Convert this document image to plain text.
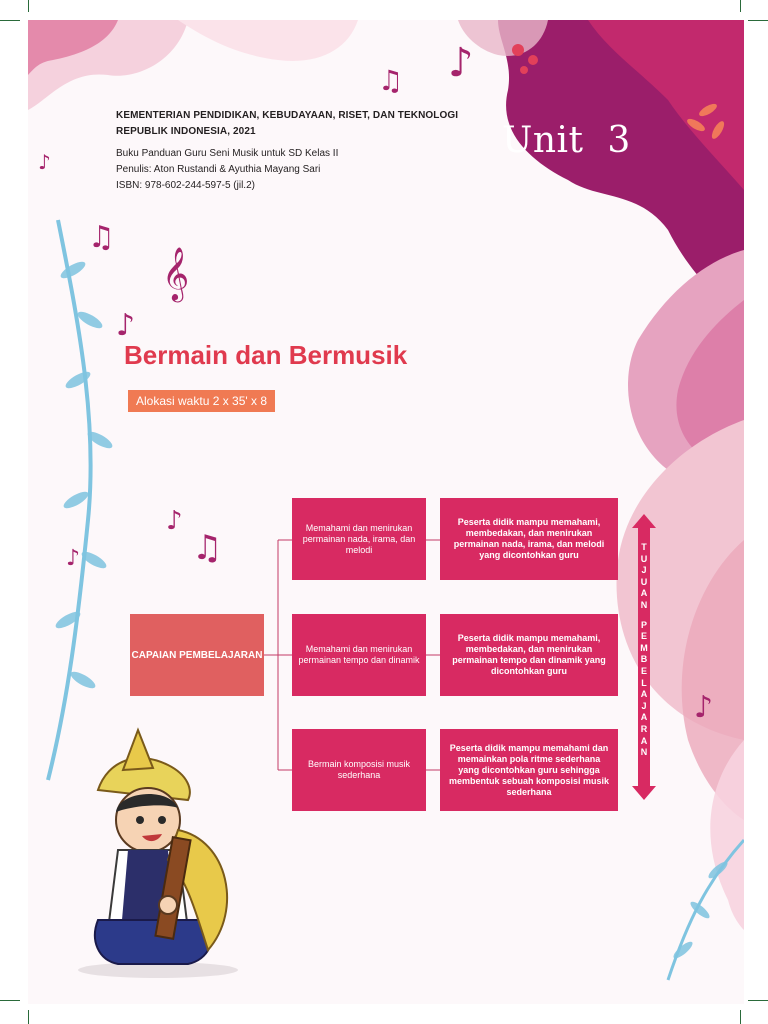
♪
♫
♪
♫
𝄞
♪
♪
♫
♪
♪
KEMENTERIAN PENDIDIKAN, KEBUDAYAAN, RISET, DAN TEKNOLOGI
REPUBLIK INDONESIA, 2021
Buku Panduan Guru Seni Musik untuk SD Kelas II
Penulis: Aton Rustandi & Ayuthia Mayang Sari
ISBN: 978-602-244-597-5 (jil.2)
Unit  3
Bermain dan Bermusik
Alokasi waktu 2 x 35' x 8
CAPAIAN PEMBELAJARAN
Memahami dan menirukan permainan nada, irama, dan melodi
Memahami dan menirukan permainan tempo dan dinamik
Bermain komposisi musik sederhana
Peserta didik mampu memahami, membedakan, dan menirukan permainan nada, irama, dan melodi yang dicontohkan guru
Peserta didik mampu memahami, membedakan, dan menirukan permainan tempo dan dinamik yang dicontohkan guru
Peserta didik mampu memahami dan memainkan pola ritme sederhana yang dicontohkan guru sehingga membentuk sebuah komposisi musik sederhana
T
U
J
U
A
N
P
E
M
B
E
L
A
J
A
R
A
N
